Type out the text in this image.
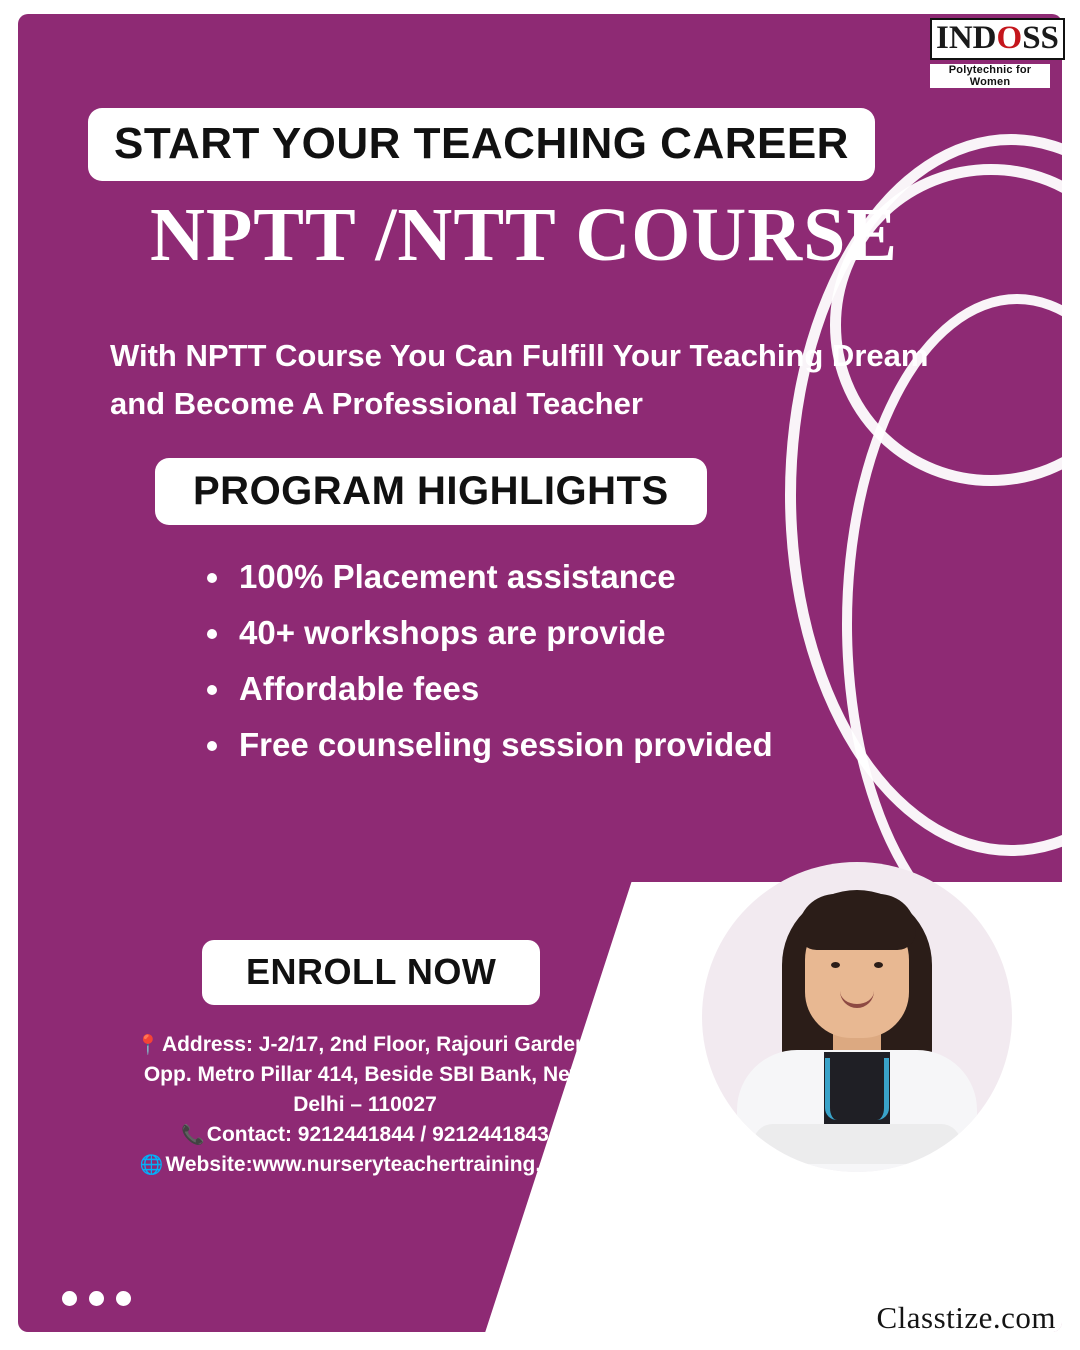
INDOSS Polytechnic for Women
START YOUR TEACHING CAREER
NPTT /NTT COURSE
With NPTT Course You Can Fulfill Your Teaching Dream and Become A Professional Teacher
PROGRAM HIGHLIGHTS
100% Placement assistance
40+ workshops are provide
Affordable fees
Free counseling session provided
ENROLL NOW
📍Address: J-2/17, 2nd Floor, Rajouri Garden,
Opp. Metro Pillar 414, Beside SBI Bank, New
Delhi – 110027
📞Contact: 9212441844 / 9212441843
🌐Website:www.nurseryteachertraining.co.in
Classtize.com
